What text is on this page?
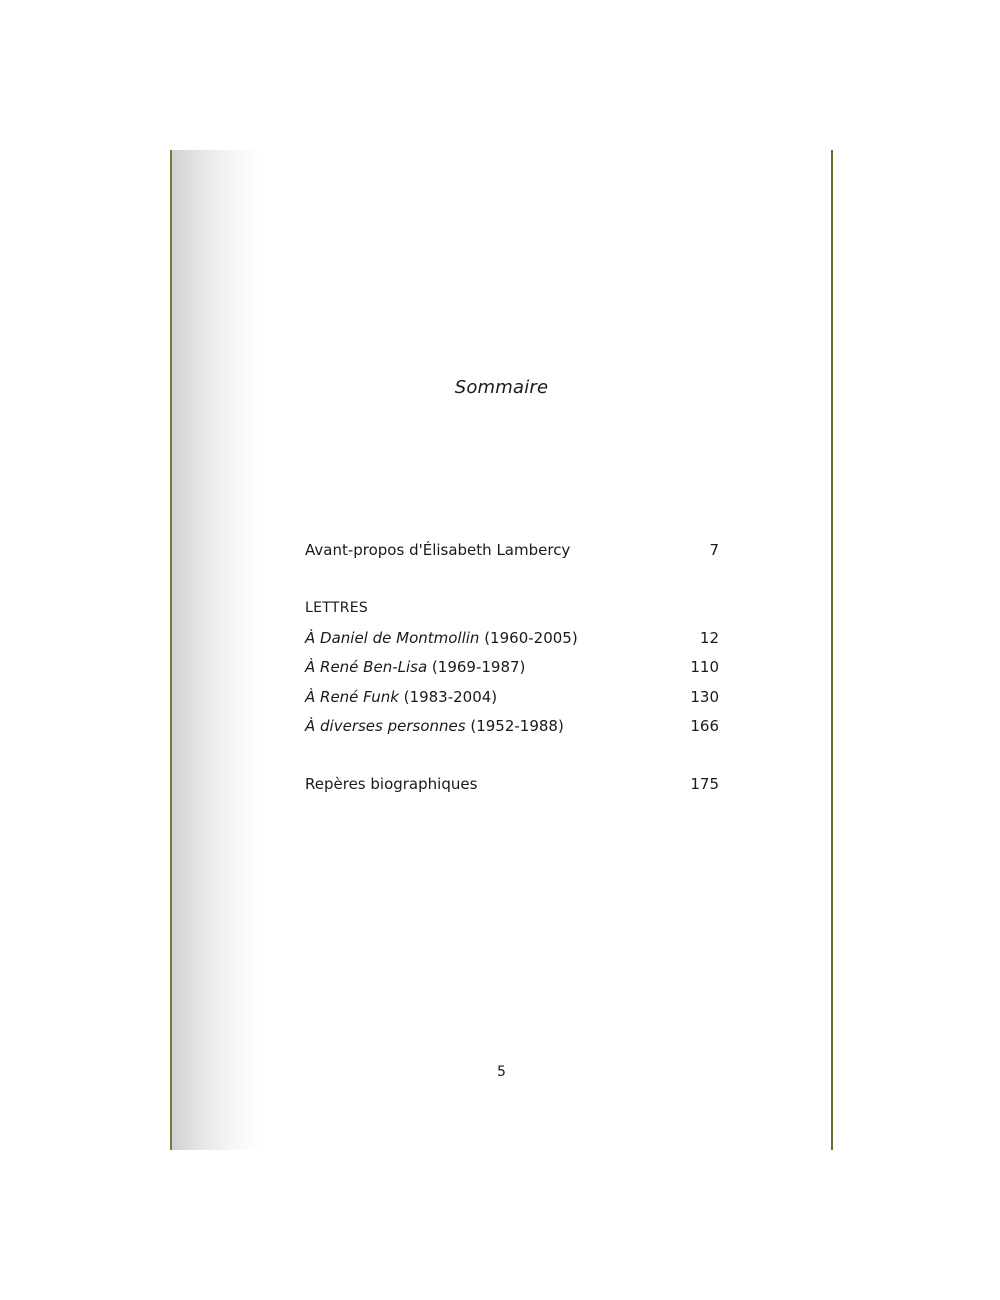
Sommaire
Avant-propos d'Élisabeth Lambercy	7
LETTRES
À Daniel de Montmollin (1960-2005)	12
À René Ben-Lisa (1969-1987)	110
À René Funk (1983-2004)	130
À diverses personnes (1952-1988)	166
Repères biographiques	175
5
